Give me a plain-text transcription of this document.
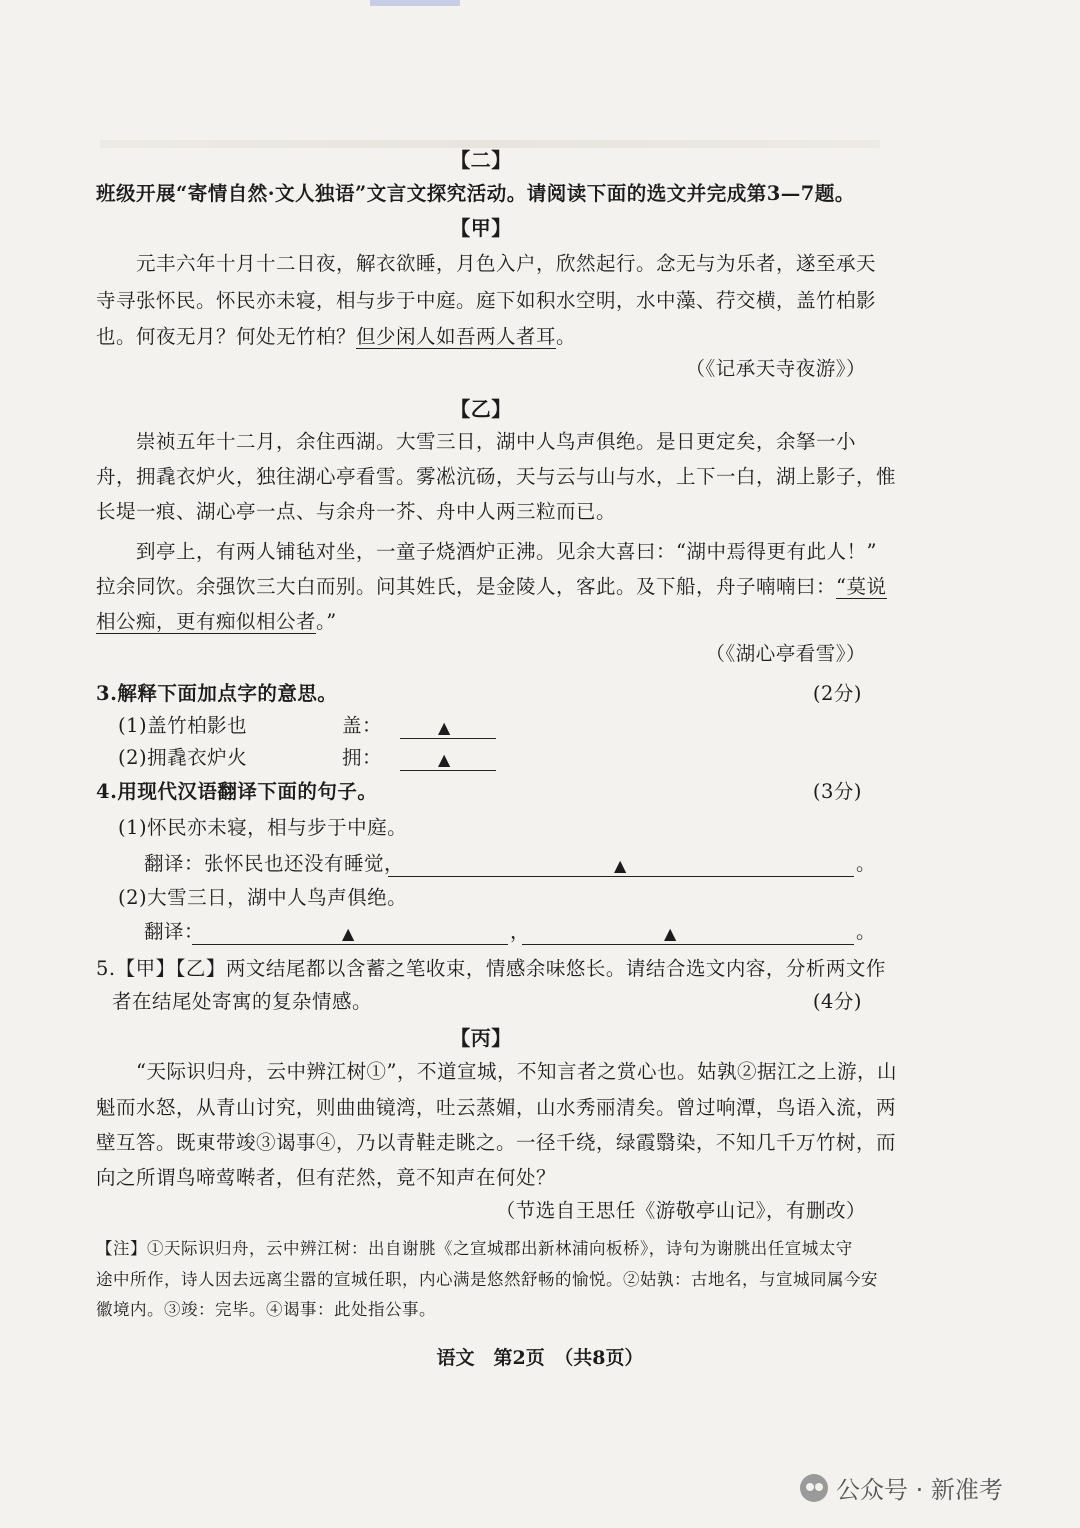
【二】
班级开展“寄情自然·文人独语”文言文探究活动。请阅读下面的选文并完成第3—7题。
【甲】
元丰六年十月十二日夜，解衣欲睡，月色入户，欣然起行。念无与为乐者，遂至承天
寺寻张怀民。怀民亦未寝，相与步于中庭。庭下如积水空明，水中藻、荇交横，盖竹柏影
也。何夜无月？何处无竹柏？但少闲人如吾两人者耳。
（《记承天寺夜游》）
【乙】
崇祯五年十二月，余住西湖。大雪三日，湖中人鸟声俱绝。是日更定矣，余拏一小
舟，拥毳衣炉火，独往湖心亭看雪。雾凇沆砀，天与云与山与水，上下一白，湖上影子，惟
长堤一痕、湖心亭一点、与余舟一芥、舟中人两三粒而已。
到亭上，有两人铺毡对坐，一童子烧酒炉正沸。见余大喜曰：“湖中焉得更有此人！”
拉余同饮。余强饮三大白而别。问其姓氏，是金陵人，客此。及下船，舟子喃喃曰：“莫说
相公痴，更有痴似相公者。”
（《湖心亭看雪》）
3.解释下面加点字的意思。	(2分)
(1)盖竹柏影也	盖：	▲
(2)拥毳衣炉火	拥：	▲
4.用现代汉语翻译下面的句子。	(3分)
(1)怀民亦未寝，相与步于中庭。
翻译：张怀民也还没有睡觉，	▲	。
(2)大雪三日，湖中人鸟声俱绝。
翻译：	▲	，	▲	。
5.【甲】【乙】两文结尾都以含蓄之笔收束，情感余味悠长。请结合选文内容，分析两文作
者在结尾处寄寓的复杂情感。	(4分)
【丙】
“天际识归舟，云中辨江树①”，不道宣城，不知言者之赏心也。姑孰②据江之上游，山
魁而水怒，从青山讨究，则曲曲镜湾，吐云蒸媚，山水秀丽清矣。曾过响潭，鸟语入流，两
壁互答。既東带竣③谒事④，乃以青鞋走眺之。一径千绕，绿霞翳染，不知几千万竹树，而
向之所谓鸟啼莺啭者，但有茫然，竟不知声在何处？
（节选自王思任《游敬亭山记》，有删改）
【注】①天际识归舟，云中辨江树：出自谢朓《之宣城郡出新林浦向板桥》，诗句为谢朓出任宣城太守
途中所作，诗人因去远离尘嚣的宣城任职，内心满是悠然舒畅的愉悦。②姑孰：古地名，与宣城同属今安
徽境内。③竣：完毕。④谒事：此处指公事。
语文　第2页　（共8页）
公众号 · 新准考
